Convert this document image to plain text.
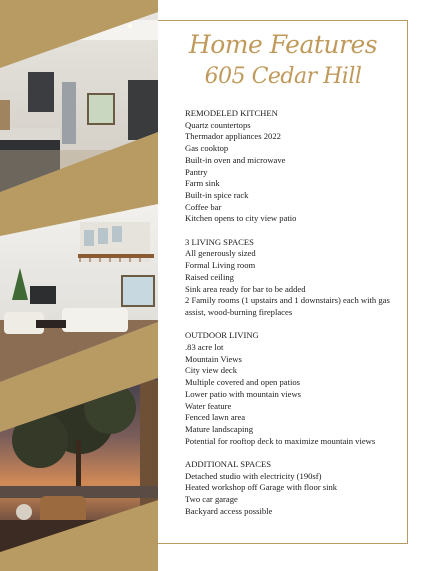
Home Features
605 Cedar Hill
REMODELED KITCHEN
Quartz countertops
Thermador appliances 2022
Gas cooktop
Built-in oven and microwave
Pantry
Farm sink
Built-in spice rack
Coffee bar
Kitchen opens to city view patio
3 LIVING SPACES
All generously sized
Formal Living room
Raised ceiling
Sink area ready for bar to be added
2 Family rooms (1 upstairs and 1 downstairs) each with gas assist, wood-burning fireplaces
OUTDOOR LIVING
.83 acre lot
Mountain Views
City view deck
Multiple covered and open patios
Lower patio with mountain views
Water feature
Fenced lawn area
Mature landscaping
Potential for rooftop deck to maximize mountain views
ADDITIONAL SPACES
Detached studio with electricity (190sf)
Heated workshop off Garage with floor sink
Two car garage
Backyard access possible
